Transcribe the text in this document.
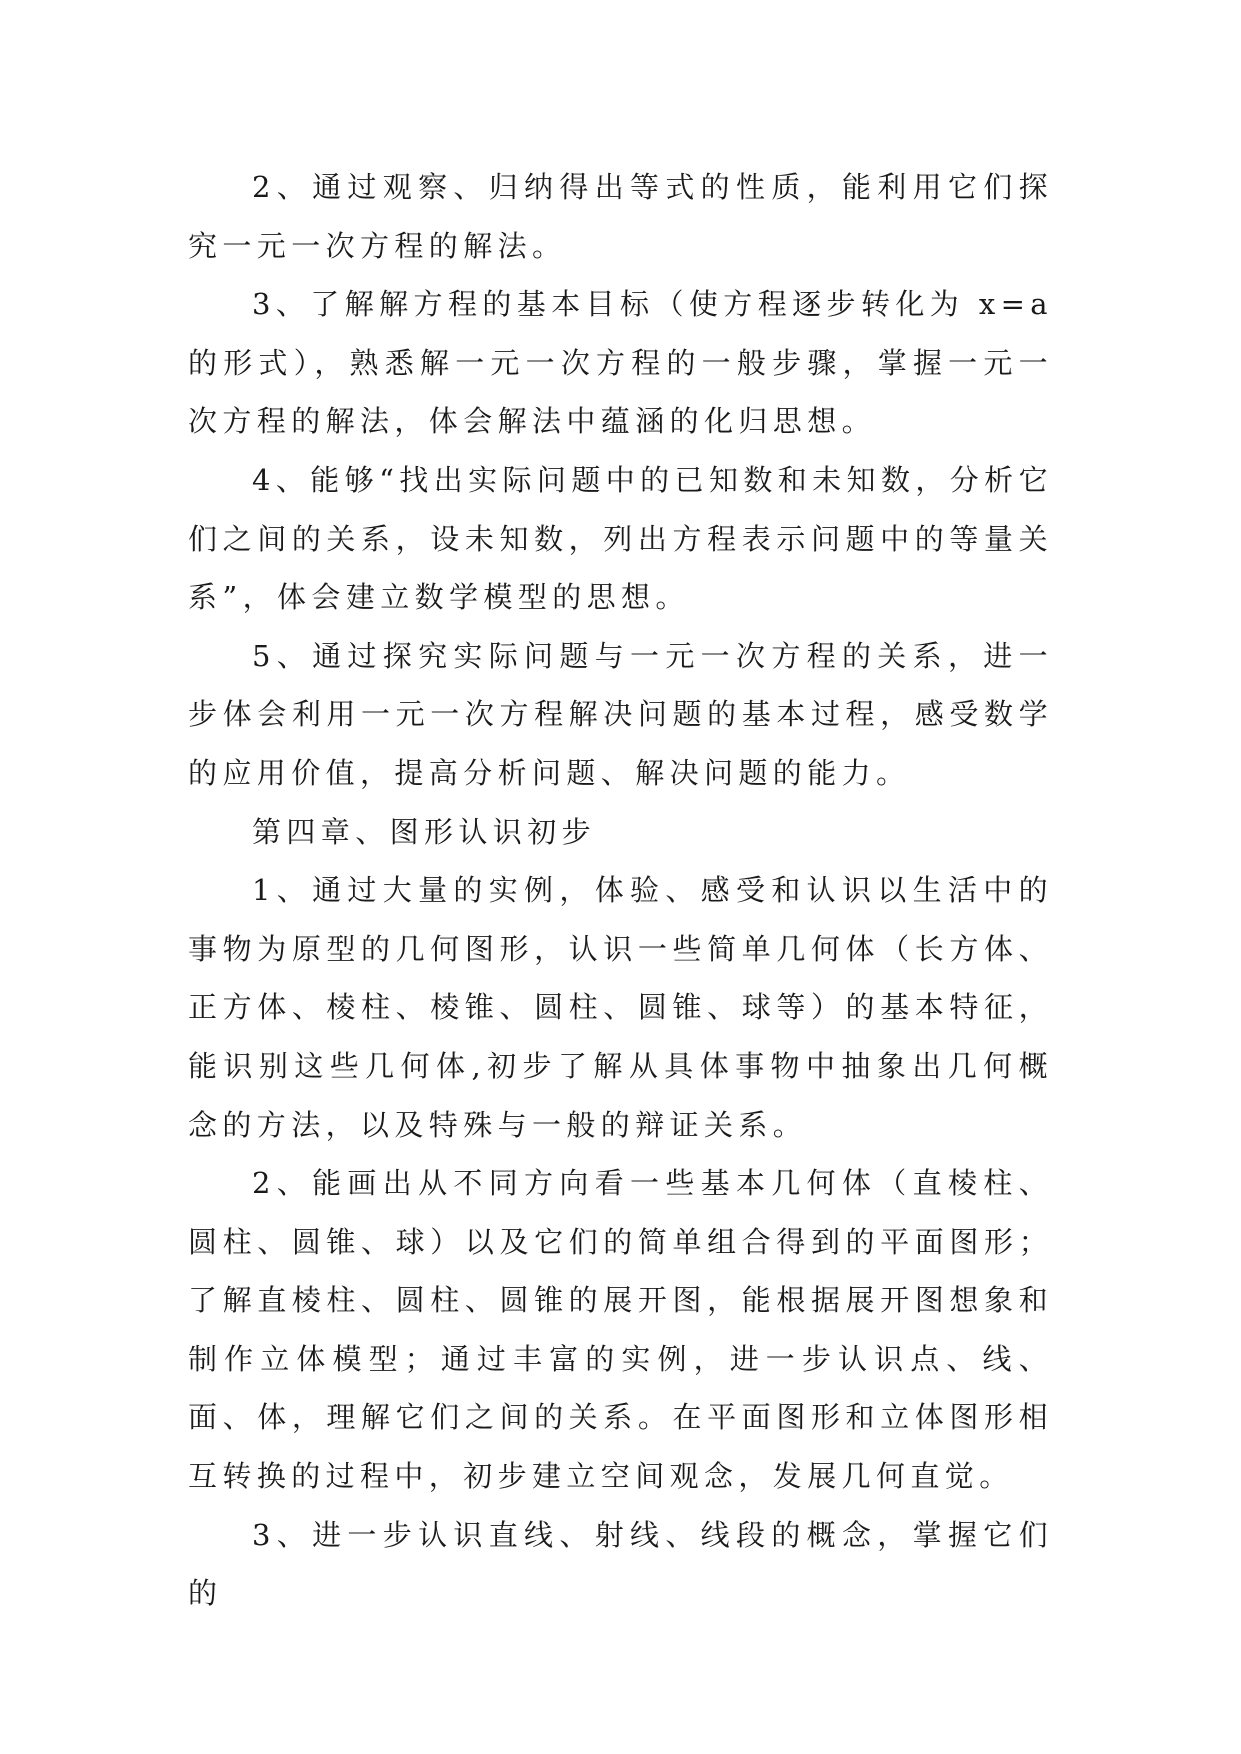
2、通过观察、归纳得出等式的性质，能利用它们探究一元一次方程的解法。

3、了解解方程的基本目标（使方程逐步转化为 x=a 的形式），熟悉解一元一次方程的一般步骤，掌握一元一次方程的解法，体会解法中蕴涵的化归思想。

4、能够“找出实际问题中的已知数和未知数，分析它们之间的关系，设未知数，列出方程表示问题中的等量关系”，体会建立数学模型的思想。

5、通过探究实际问题与一元一次方程的关系，进一步体会利用一元一次方程解决问题的基本过程，感受数学的应用价值，提高分析问题、解决问题的能力。

第四章、图形认识初步

1、通过大量的实例，体验、感受和认识以生活中的事物为原型的几何图形，认识一些简单几何体（长方体、正方体、棱柱、棱锥、圆柱、圆锥、球等）的基本特征，能识别这些几何体,初步了解从具体事物中抽象出几何概念的方法，以及特殊与一般的辩证关系。

2、能画出从不同方向看一些基本几何体（直棱柱、圆柱、圆锥、球）以及它们的简单组合得到的平面图形；了解直棱柱、圆柱、圆锥的展开图，能根据展开图想象和制作立体模型；通过丰富的实例，进一步认识点、线、面、体，理解它们之间的关系。在平面图形和立体图形相互转换的过程中，初步建立空间观念，发展几何直觉。

3、进一步认识直线、射线、线段的概念，掌握它们的
